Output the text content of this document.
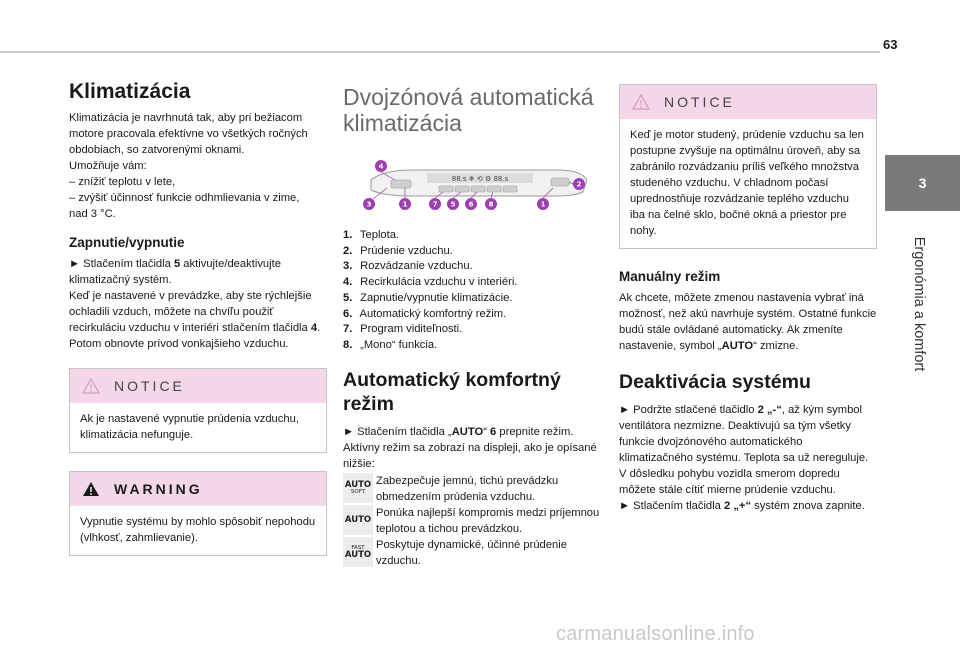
63
3
Ergonómia a komfort
Klimatizácia
Klimatizácia je navrhnutá tak, aby pri bežiacom
motore pracovala efektívne vo všetkých ročných
obdobiach, so zatvorenými oknami.
Umožňuje vám:
– znížiť teplotu v lete,
– zvýšiť účinnosť funkcie odhmlievania v zime,
nad 3 °C.
Zapnutie/vypnutie
► Stlačením tlačidla 5 aktivujte/deaktivujte klimatizačný systém.
Keď je nastavené v prevádzke, aby ste rýchlejšie ochladili vzduch, môžete na chvíľu použiť recirkuláciu vzduchu v interiéri stlačením tlačidla 4. Potom obnovte prívod vonkajšieho vzduchu.
NOTICE
Ak je nastavené vypnutie prúdenia vzduchu, klimatizácia nefunguje.
WARNING
Vypnutie systému by mohlo spôsobiť nepohodu (vlhkosť, zahmlievanie).
Dvojzónová automatická
klimatizácia
88.s ❄ ⟲ ⚙ 88.s
4
2
3	1	7 5 6 8	1
1. Teplota.
2. Prúdenie vzduchu.
3. Rozvádzanie vzduchu.
4. Recirkulácia vzduchu v interiéri.
5. Zapnutie/vypnutie klimatizácie.
6. Automatický komfortný režim.
7. Program viditeľnosti.
8. „Mono“ funkcia.
Automatický komfortný
režim
► Stlačením tlačidla „AUTO“ 6 prepnite režim. Aktívny režim sa zobrazí na displeji, ako je opísané nižšie:
AUTO
SOFT
Zabezpečuje jemnú, tichú prevádzku obmedzením prúdenia vzduchu.
AUTO
Ponúka najlepší kompromis medzi príjemnou teplotou a tichou prevádzkou.
FAST
AUTO
Poskytuje dynamické, účinné prúdenie vzduchu.
NOTICE
Keď je motor studený, prúdenie vzduchu sa len postupne zvyšuje na optimálnu úroveň, aby sa zabránilo rozvádzaniu príliš veľkého množstva studeného vzduchu. V chladnom počasí uprednostňuje rozvádzanie teplého vzduchu iba na čelné sklo, bočné okná a priestor pre nohy.
Manuálny režim
Ak chcete, môžete zmenou nastavenia vybrať iná možnosť, než akú navrhuje systém. Ostatné funkcie budú stále ovládané automaticky. Ak zmeníte nastavenie, symbol „AUTO“ zmizne.
Deaktivácia systému
► Podržte stlačené tlačidlo 2 „-“, až kým symbol ventilátora nezmizne. Deaktivujú sa tým všetky funkcie dvojzónového automatického klimatizačného systému. Teplota sa už nereguluje. V dôsledku pohybu vozidla smerom dopredu môžete stále cítiť mierne prúdenie vzduchu.
► Stlačením tlačidla 2 „+“ systém znova zapnite.
carmanualsonline.info
